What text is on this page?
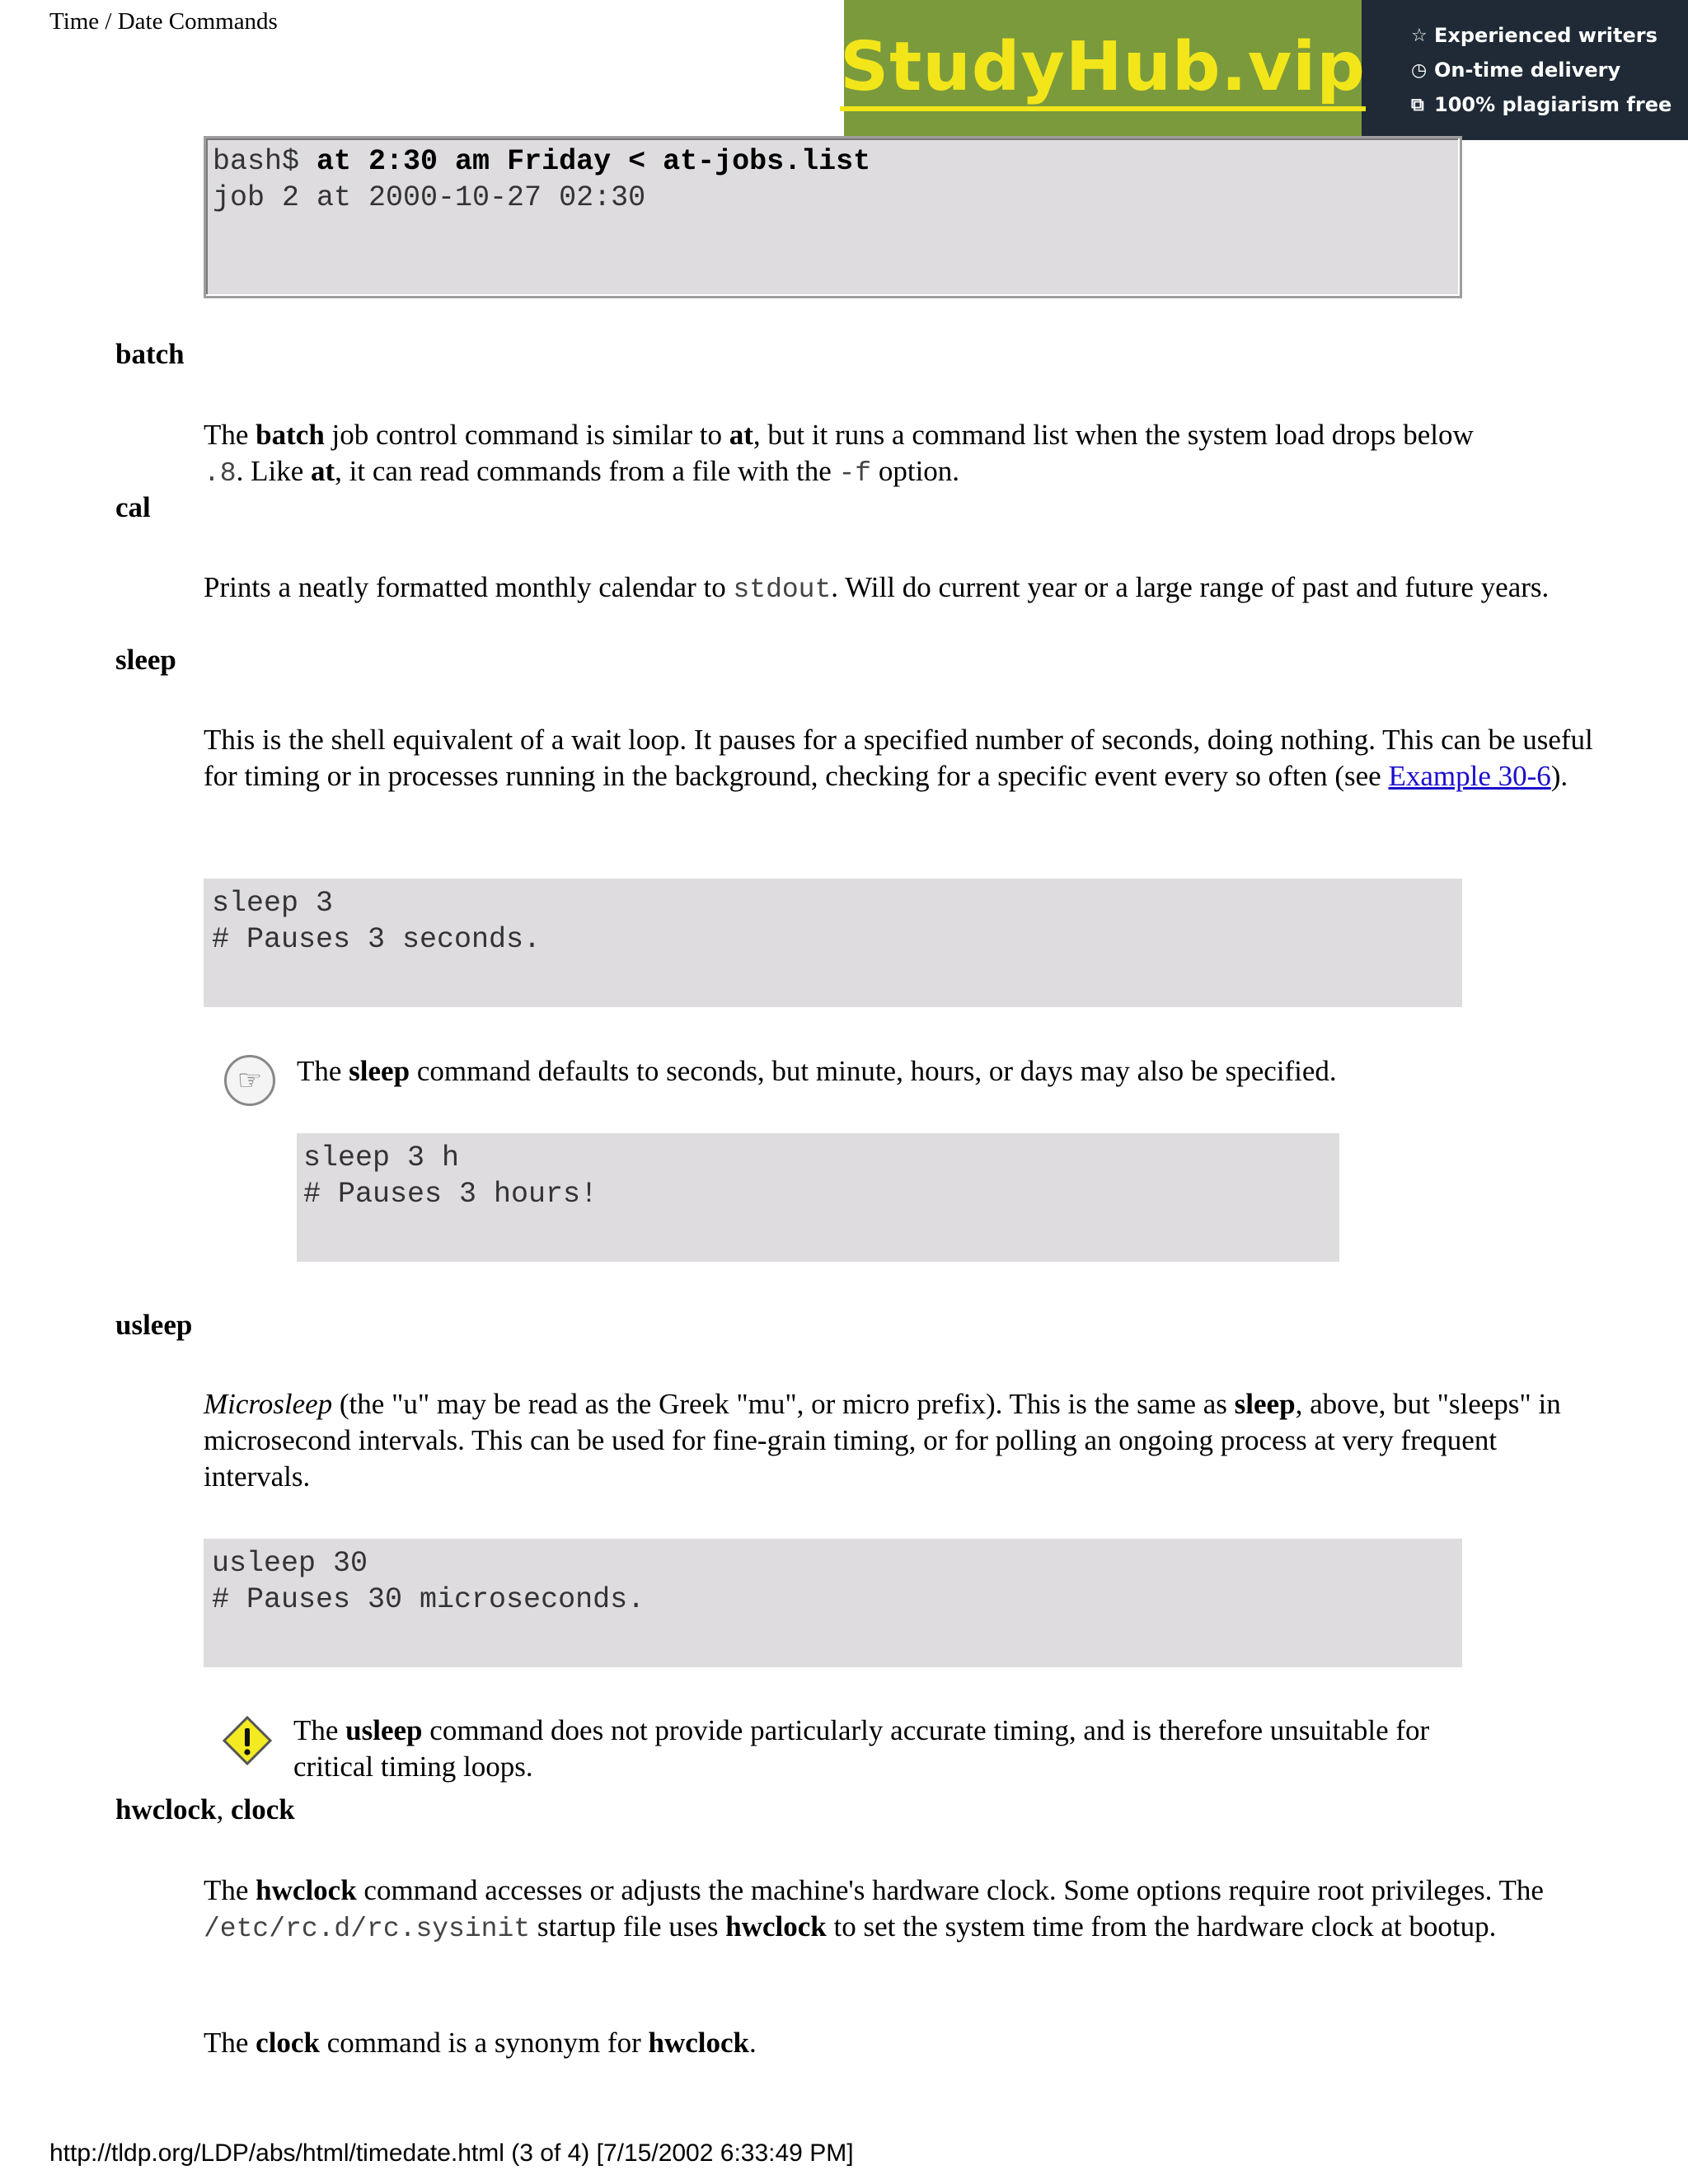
Time / Date Commands
StudyHub.vip	☆ Experienced writers
◷ On-time delivery
⧉ 100% plagiarism free
bash$ at 2:30 am Friday < at-jobs.list
job 2 at 2000-10-27 02:30
batch
The batch job control command is similar to at, but it runs a command list when the system load drops below
.8. Like at, it can read commands from a file with the -f option.
cal
Prints a neatly formatted monthly calendar to stdout. Will do current year or a large range of past and future years.
sleep
This is the shell equivalent of a wait loop. It pauses for a specified number of seconds, doing nothing. This can be useful for timing or in processes running in the background, checking for a specific event every so often (see Example 30-6).
sleep 3
# Pauses 3 seconds.
☞	The sleep command defaults to seconds, but minute, hours, or days may also be specified.
sleep 3 h
# Pauses 3 hours!
usleep
Microsleep (the "u" may be read as the Greek "mu", or micro prefix). This is the same as sleep, above, but "sleeps" in microsecond intervals. This can be used for fine-grain timing, or for polling an ongoing process at very frequent intervals.
usleep 30
# Pauses 30 microseconds.
The usleep command does not provide particularly accurate timing, and is therefore unsuitable for critical timing loops.
hwclock, clock
The hwclock command accesses or adjusts the machine's hardware clock. Some options require root privileges. The /etc/rc.d/rc.sysinit startup file uses hwclock to set the system time from the hardware clock at bootup.
The clock command is a synonym for hwclock.
http://tldp.org/LDP/abs/html/timedate.html (3 of 4) [7/15/2002 6:33:49 PM]
